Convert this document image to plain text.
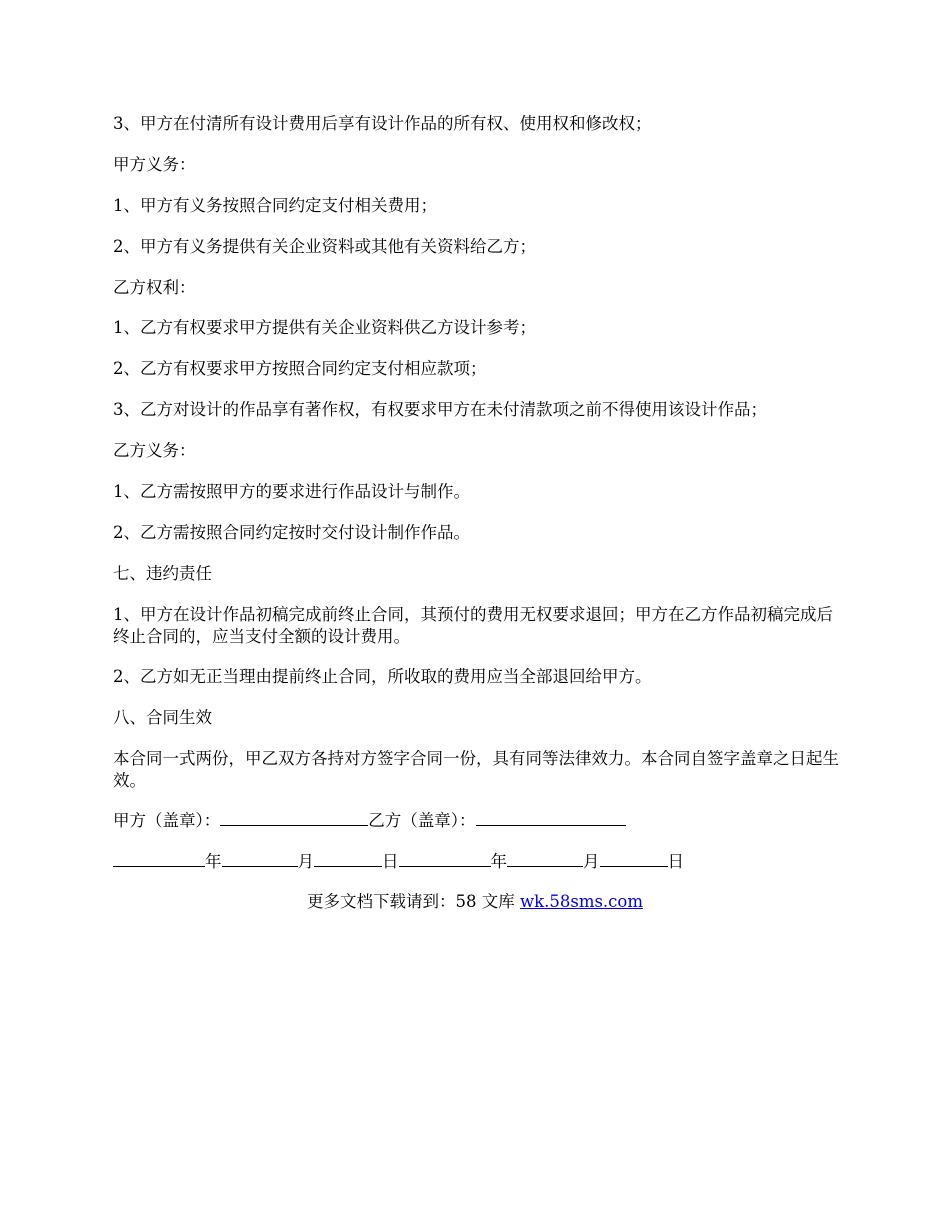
3、甲方在付清所有设计费用后享有设计作品的所有权、使用权和修改权；
甲方义务：
1、甲方有义务按照合同约定支付相关费用；
2、甲方有义务提供有关企业资料或其他有关资料给乙方；
乙方权利：
1、乙方有权要求甲方提供有关企业资料供乙方设计参考；
2、乙方有权要求甲方按照合同约定支付相应款项；
3、乙方对设计的作品享有著作权，有权要求甲方在未付清款项之前不得使用该设计作品；
乙方义务：
1、乙方需按照甲方的要求进行作品设计与制作。
2、乙方需按照合同约定按时交付设计制作作品。
七、违约责任
1、甲方在设计作品初稿完成前终止合同，其预付的费用无权要求退回；甲方在乙方作品初稿完成后终止合同的，应当支付全额的设计费用。
2、乙方如无正当理由提前终止合同，所收取的费用应当全部退回给甲方。
八、合同生效
本合同一式两份，甲乙双方各持对方签字合同一份，具有同等法律效力。本合同自签字盖章之日起生效。
甲方（盖章）：	乙方（盖章）：
年	月	日	年	月	日
更多文档下载请到：58 文库 wk.58sms.com
